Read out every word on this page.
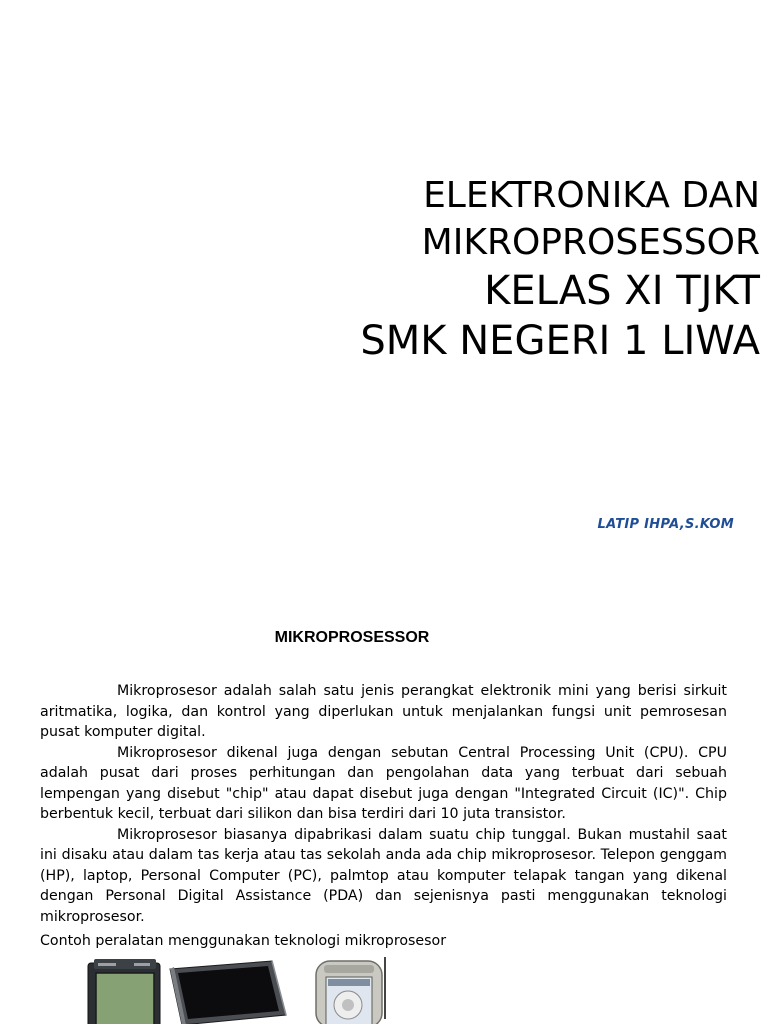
ELEKTRONIKA DAN
MIKROPROSESSOR
KELAS XI TJKT
SMK NEGERI 1 LIWA
LATIP IHPA,S.KOM
MIKROPROSESSOR

Mikroprosesor adalah salah satu jenis perangkat elektronik mini yang berisi sirkuit aritmatika, logika, dan kontrol yang diperlukan untuk menjalankan fungsi unit pemrosesan pusat komputer digital.

Mikroprosesor dikenal juga dengan sebutan Central Processing Unit (CPU). CPU adalah pusat dari proses perhitungan dan pengolahan data yang terbuat dari sebuah lempengan yang disebut "chip" atau dapat disebut juga dengan "Integrated Circuit (IC)". Chip berbentuk kecil, terbuat dari silikon dan bisa terdiri dari 10 juta transistor.

Mikroprosesor biasanya dipabrikasi dalam suatu chip tunggal. Bukan mustahil saat ini disaku atau dalam tas kerja atau tas sekolah anda ada chip mikroprosesor. Telepon genggam (HP), laptop, Personal Computer (PC), palmtop atau komputer telapak tangan yang dikenal dengan Personal Digital Assistance (PDA) dan sejenisnya pasti menggunakan teknologi mikroprosesor.

Contoh peralatan menggunakan teknologi mikroprosesor
